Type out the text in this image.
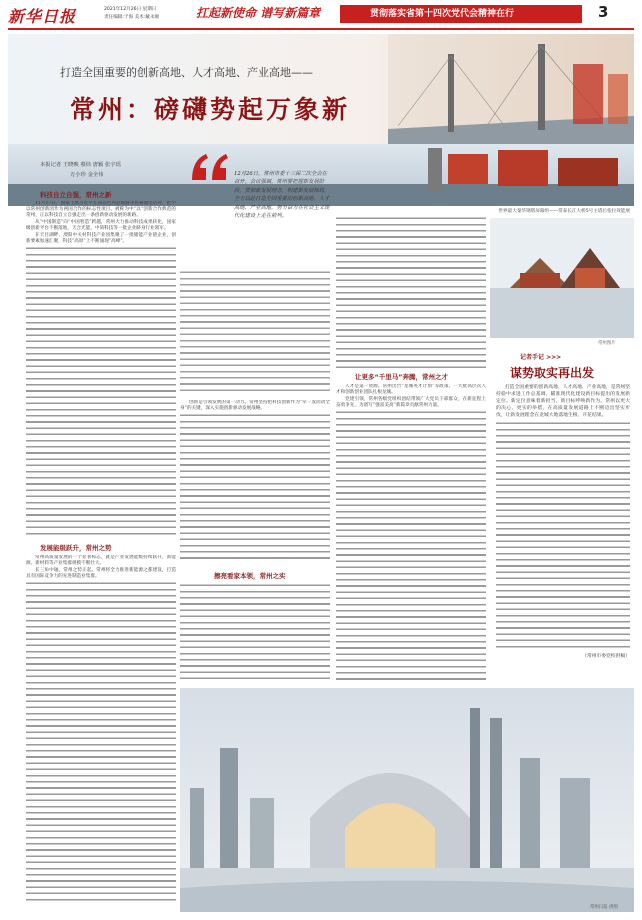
新华日报	2021年12月26日 星期日
责任编辑:于海 美术:戴永刚	扛起新使命 谱写新篇章	贯彻落实省第十四次党代会精神在行	3
打造全国重要的创新高地、人才高地、产业高地——
常州：磅礴势起万象新
世界最大秦华钢塔屏幕组——常泰长江大桥5号主塔后张拉效能展
本报记者 王晓映 蔡炜 唐颖 张宇瑶
万小珍 金全伟	12月26日，常州市委十三届二次全会在召开。会议强调，常州要把握新发展阶段，贯彻新发展理念，构建新发展格局，全力以赴打造全国重要的创新高地、人才高地、产业高地，努力奋力在社会主义现代化建设上走在前列。
科技自立自强，常州之新

11月17日，国家主席习近平在同以色列总统赫尔佐格通电话时，把中以常州创新园作为两国合作的标志性项目。被称为中“以”创新合作典范的常州，正以科技自立自强走出一条创新驱动发展的新路。

从“中国制造”向“中国智造”跨越，常州大力推动科技成果转化，国家级创新平台不断落地，天合光能、中简科技等一批企业跻身行业领军。

在天目湖畔，溧阳中关村科技产业园集聚了一批储能产业链企业，创新要素加速汇聚，科技“高原”上不断涌现“高峰”。

发展能级跃升，常州之势

常州高质量发展的一个显著标志，就是产业发展能级持续跃升，新能源、新材料等产业集群规模不断壮大。

长三角中轴，常州之势正起。常州将全力推进新能源之都建设，打造具有国际竞争力的先进制造业集群。

创新是引领发展的第一动力。常州坚持把科技创新作为“牵一发而动全身”的关键，深入实施创新驱动发展战略。

擦亮看家本领，常州之实
让更多“千里马”奔腾，常州之才

人才是第一资源。常州出台“龙城英才计划”等政策，一大批高层次人才和创新创业团队扎根龙城。

党建引领，常州各级党组织团结带领广大党员干部群众，在新征程上奋勇争先，为谱写“强富美高”新篇章贡献常州力量。

常州图片
记者手记 >>>
谋势取实再出发
打造全国重要的创新高地、人才高地、产业高地，是常州坚持稳中求进工作总基调，瞄准现代化建设新目标提出的发展新定位。新定位意味着新担当，新目标呼唤新作为。常州以更大的决心、更实的举措，在高质量发展道路上不断迈出坚实步伐，让新发展理念在龙城大地落地生根、开花结果。
（常州市委党校供稿）
常州日报 供图
